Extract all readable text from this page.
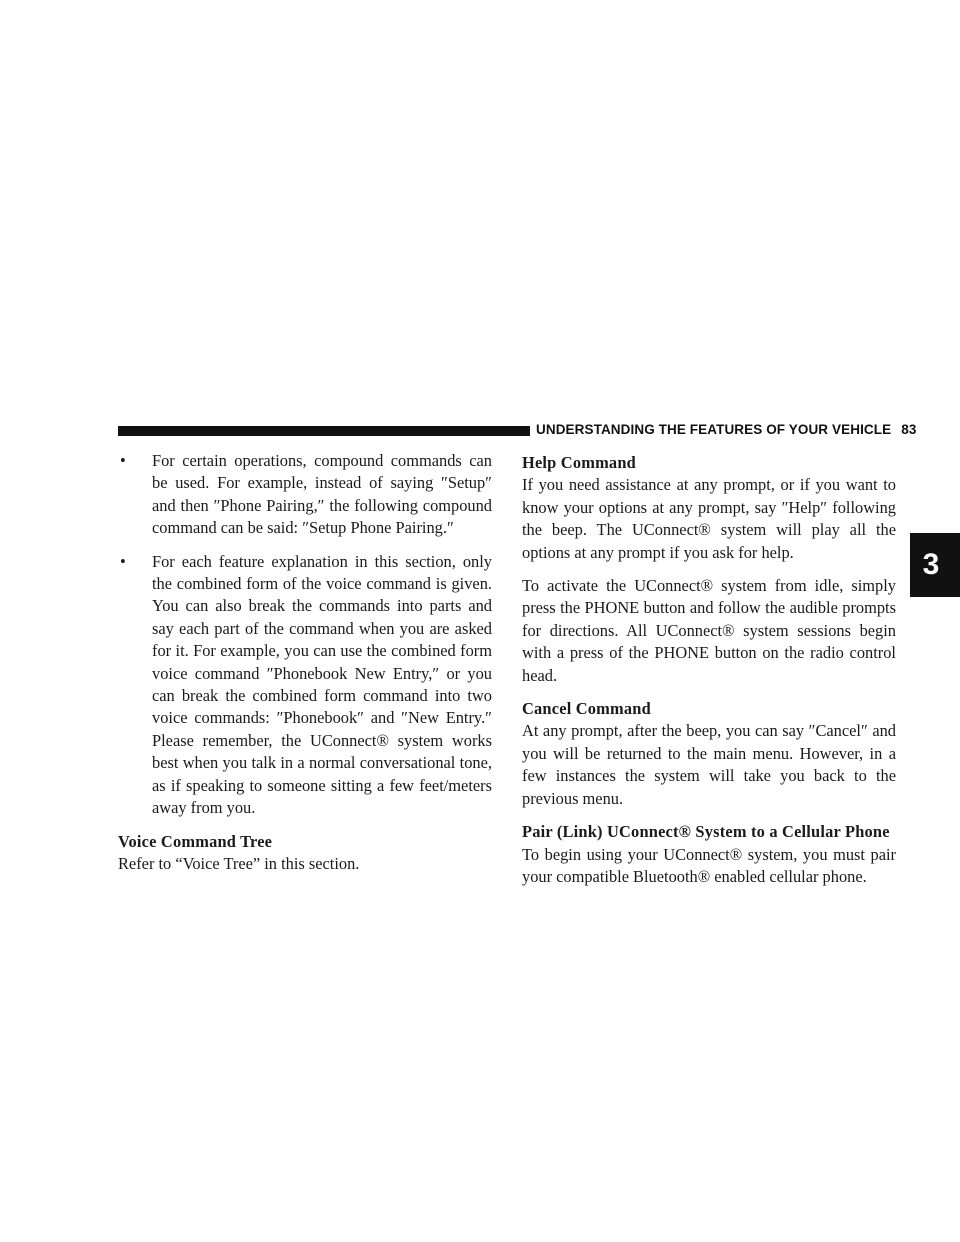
UNDERSTANDING THE FEATURES OF YOUR VEHICLE 83
3
• For certain operations, compound commands can be used. For example, instead of saying ″Setup″ and then ″Phone Pairing,″ the following compound command can be said: ″Setup Phone Pairing.″
• For each feature explanation in this section, only the combined form of the voice command is given. You can also break the commands into parts and say each part of the command when you are asked for it. For example, you can use the combined form voice command ″Phonebook New Entry,″ or you can break the combined form command into two voice commands: ″Phonebook″ and ″New Entry.″ Please remember, the UConnect® system works best when you talk in a normal conversational tone, as if speaking to someone sitting a few feet/meters away from you.
Voice Command Tree

Refer to “Voice Tree” in this section.

Help Command

If you need assistance at any prompt, or if you want to know your options at any prompt, say ″Help″ following the beep. The UConnect® system will play all the options at any prompt if you ask for help.

To activate the UConnect® system from idle, simply press the PHONE button and follow the audible prompts for directions. All UConnect® system sessions begin with a press of the PHONE button on the radio control head.

Cancel Command

At any prompt, after the beep, you can say ″Cancel″ and you will be returned to the main menu. However, in a few instances the system will take you back to the previous menu.

Pair (Link) UConnect® System to a Cellular Phone

To begin using your UConnect® system, you must pair your compatible Bluetooth® enabled cellular phone.
